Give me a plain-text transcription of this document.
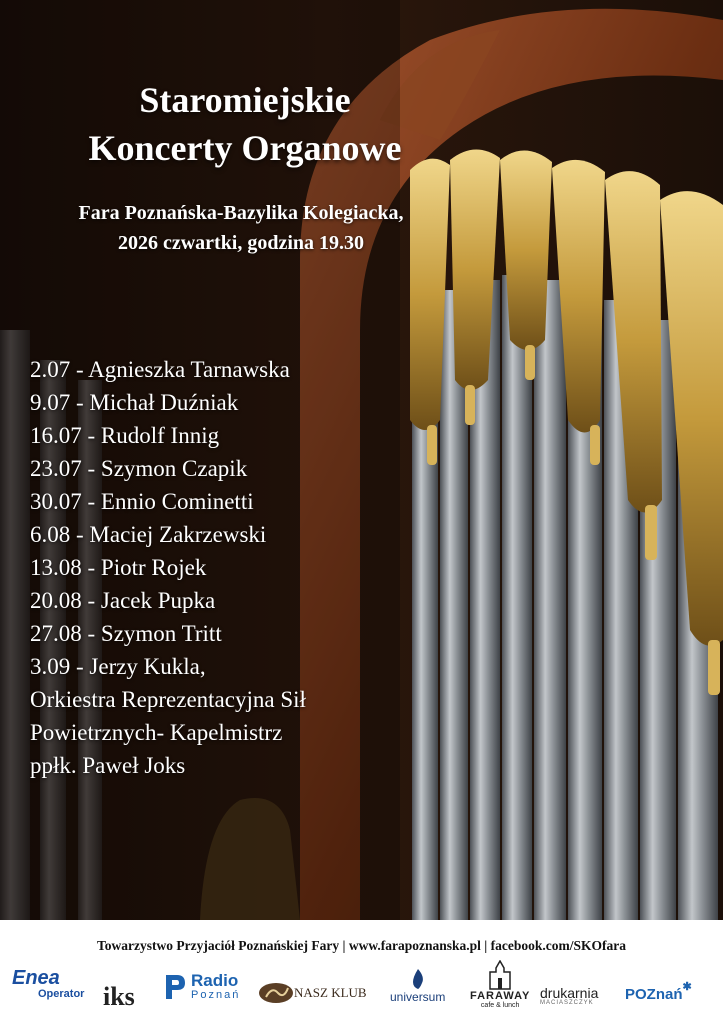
Staromiejskie
Koncerty Organowe
Fara Poznańska-Bazylika Kolegiacka,
2026 czwartki, godzina 19.30
2.07 - Agnieszka Tarnawska
9.07 - Michał Duźniak
16.07 - Rudolf Innig
23.07 - Szymon Czapik
30.07 - Ennio Cominetti
6.08 - Maciej Zakrzewski
13.08 - Piotr Rojek
20.08 - Jacek Pupka
27.08 - Szymon Tritt
3.09 - Jerzy Kukla,
Orkiestra Reprezentacyjna Sił
Powietrznych- Kapelmistrz
ppłk. Paweł Joks
Towarzystwo Przyjaciół Poznańskiej Fary | www.farapoznanska.pl | facebook.com/SKOfara
Enea
Operator iks
Radio
Poznań	NASZ KLUB universum FARAWAY
cafe & lunch
drukarnia
MACIASZCZYK POZnań ✱
